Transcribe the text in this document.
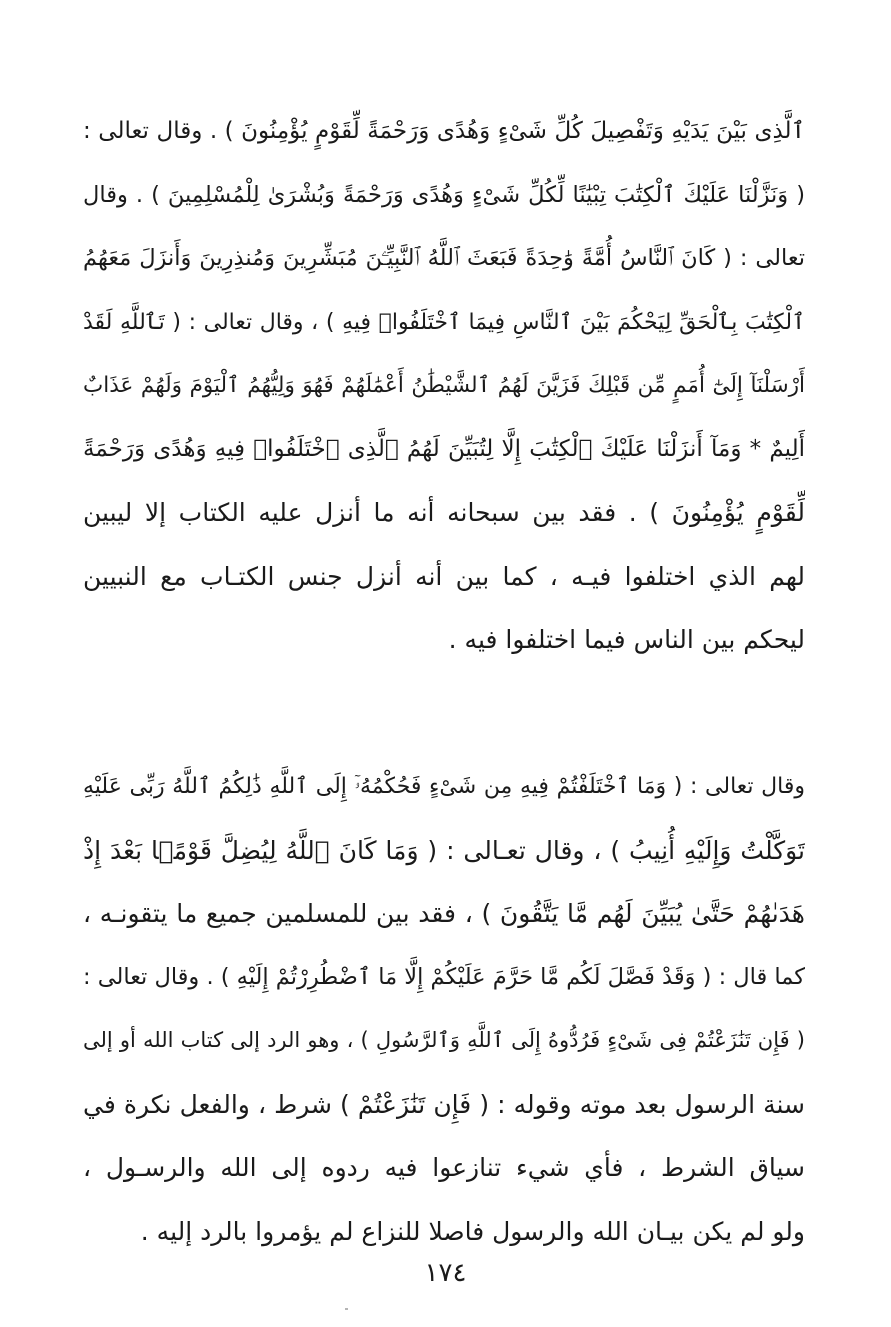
ٱلَّذِى بَيْنَ يَدَيْهِ وَتَفْصِيلَ كُلِّ شَىْءٍ وَهُدًى وَرَحْمَةً لِّقَوْمٍ يُؤْمِنُونَ ) . وقال تعالى :
( وَنَزَّلْنَا عَلَيْكَ ٱلْكِتَٰبَ تِبْيَٰنًا لِّكُلِّ شَىْءٍ وَهُدًى وَرَحْمَةً وَبُشْرَىٰ لِلْمُسْلِمِينَ ) . وقال
تعالى : ( كَانَ ٱلنَّاسُ أُمَّةً وَٰحِدَةً فَبَعَثَ ٱللَّهُ ٱلنَّبِيِّـۧنَ مُبَشِّرِينَ وَمُنذِرِينَ وَأَنزَلَ مَعَهُمُ
ٱلْكِتَٰبَ بِٱلْحَقِّ لِيَحْكُمَ بَيْنَ ٱلنَّاسِ فِيمَا ٱخْتَلَفُوا۟ فِيهِ ) ، وقال تعالى : ( تَٱللَّهِ لَقَدْ
أَرْسَلْنَآ إِلَىٰٓ أُمَمٍ مِّن قَبْلِكَ فَزَيَّنَ لَهُمُ ٱلشَّيْطَٰنُ أَعْمَٰلَهُمْ فَهُوَ وَلِيُّهُمُ ٱلْيَوْمَ وَلَهُمْ عَذَابٌ
أَلِيمٌ * وَمَآ أَنزَلْنَا عَلَيْكَ ٱلْكِتَٰبَ إِلَّا لِتُبَيِّنَ لَهُمُ ٱلَّذِى ٱخْتَلَفُوا۟ فِيهِ وَهُدًى وَرَحْمَةً
لِّقَوْمٍ يُؤْمِنُونَ ) . فقد بين سبحانه أنه ما أنزل عليه الكتاب إلا ليبين
لهم الذي اختلفوا فيـه ، كما بين أنه أنزل جنس الكتـاب مع النبيين
ليحكم بين الناس فيما اختلفوا فيه .
وقال تعالى : ( وَمَا ٱخْتَلَفْتُمْ فِيهِ مِن شَىْءٍ فَحُكْمُهُۥٓ إِلَى ٱللَّهِ ذَٰلِكُمُ ٱللَّهُ رَبِّى عَلَيْهِ
تَوَكَّلْتُ وَإِلَيْهِ أُنِيبُ ) ، وقال تعـالى : ( وَمَا كَانَ ٱللَّهُ لِيُضِلَّ قَوْمًۢا بَعْدَ إِذْ
هَدَىٰهُمْ حَتَّىٰ يُبَيِّنَ لَهُم مَّا يَتَّقُونَ ) ، فقد بين للمسلمين جميع ما يتقونـه ،
كما قال : ( وَقَدْ فَصَّلَ لَكُم مَّا حَرَّمَ عَلَيْكُمْ إِلَّا مَا ٱضْطُرِرْتُمْ إِلَيْهِ ) . وقال تعالى :
( فَإِن تَنَٰزَعْتُمْ فِى شَىْءٍ فَرُدُّوهُ إِلَى ٱللَّهِ وَٱلرَّسُولِ ) ، وهو الرد إلى كتاب الله أو إلى
سنة الرسول بعد موته وقوله : ( فَإِن تَنَٰزَعْتُمْ ) شرط ، والفعل نكرة في
سياق الشرط ، فأي شيء تنازعوا فيه ردوه إلى الله والرسـول ،
ولو لم يكن بيـان الله والرسول فاصلا للنزاع لم يؤمروا بالرد إليه .
١٧٤
